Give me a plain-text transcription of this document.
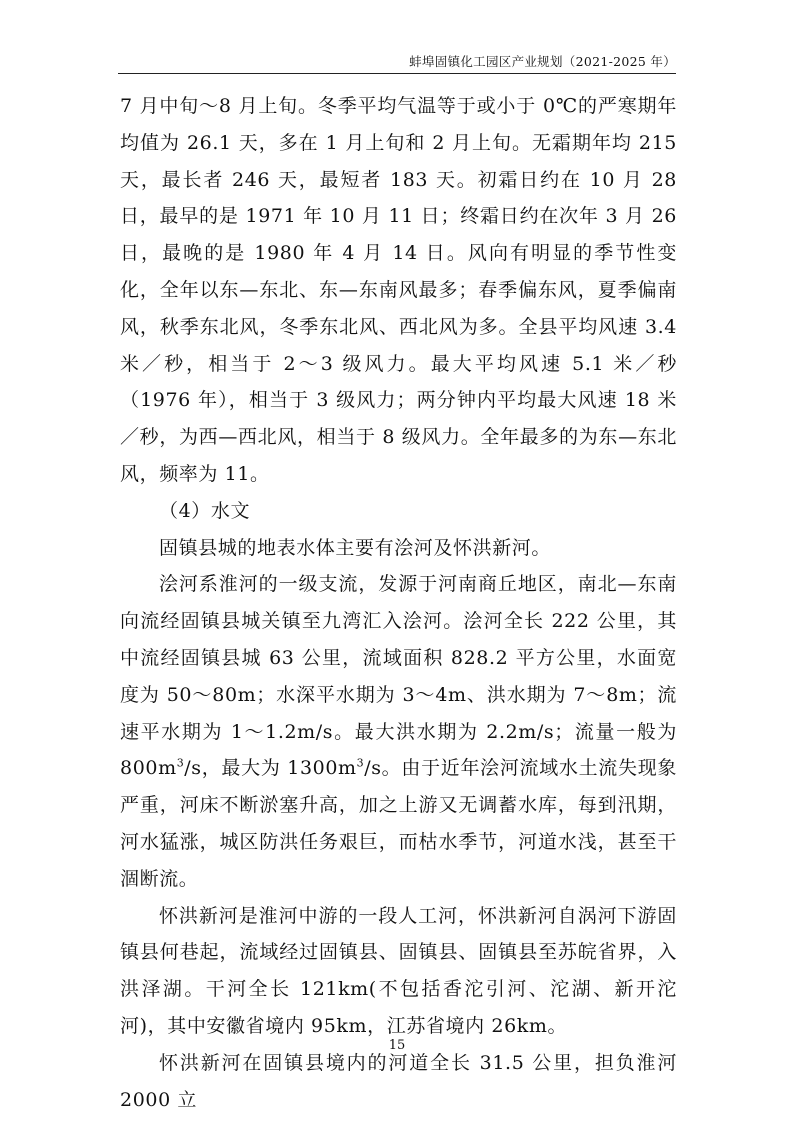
蚌埠固镇化工园区产业规划（2021-2025 年）

7 月中旬～8 月上旬。冬季平均气温等于或小于 0℃的严寒期年均值为 26.1 天，多在 1 月上旬和 2 月上旬。无霜期年均 215 天，最长者 246 天，最短者 183 天。初霜日约在 10 月 28 日，最早的是 1971 年 10 月 11 日；终霜日约在次年 3 月 26 日，最晚的是 1980 年 4 月 14 日。风向有明显的季节性变化，全年以东—东北、东—东南风最多；春季偏东风，夏季偏南风，秋季东北风，冬季东北风、西北风为多。全县平均风速 3.4 米／秒，相当于 2～3 级风力。最大平均风速 5.1 米／秒（1976 年），相当于 3 级风力；两分钟内平均最大风速 18 米／秒，为西—西北风，相当于 8 级风力。全年最多的为东—东北风，频率为 11。

（4）水文

固镇县城的地表水体主要有浍河及怀洪新河。

浍河系淮河的一级支流，发源于河南商丘地区，南北—东南向流经固镇县城关镇至九湾汇入浍河。浍河全长 222 公里，其中流经固镇县城 63 公里，流域面积 828.2 平方公里，水面宽度为 50～80m；水深平水期为 3～4m、洪水期为 7～8m；流速平水期为 1～1.2m/s。最大洪水期为 2.2m/s；流量一般为 $800m^3/s$，最大为 $1300m^3/s$。由于近年浍河流域水土流失现象严重，河床不断淤塞升高，加之上游又无调蓄水库，每到汛期，河水猛涨，城区防洪任务艰巨，而枯水季节，河道水浅，甚至干涸断流。

怀洪新河是淮河中游的一段人工河，怀洪新河自涡河下游固镇县何巷起，流域经过固镇县、固镇县、固镇县至苏皖省界，入洪泽湖。干河全长 121km(不包括香沱引河、沱湖、新开沱河)，其中安徽省境内 95km，江苏省境内 26km。

怀洪新河在固镇县境内的河道全长 31.5 公里，担负淮河 2000 立

15
